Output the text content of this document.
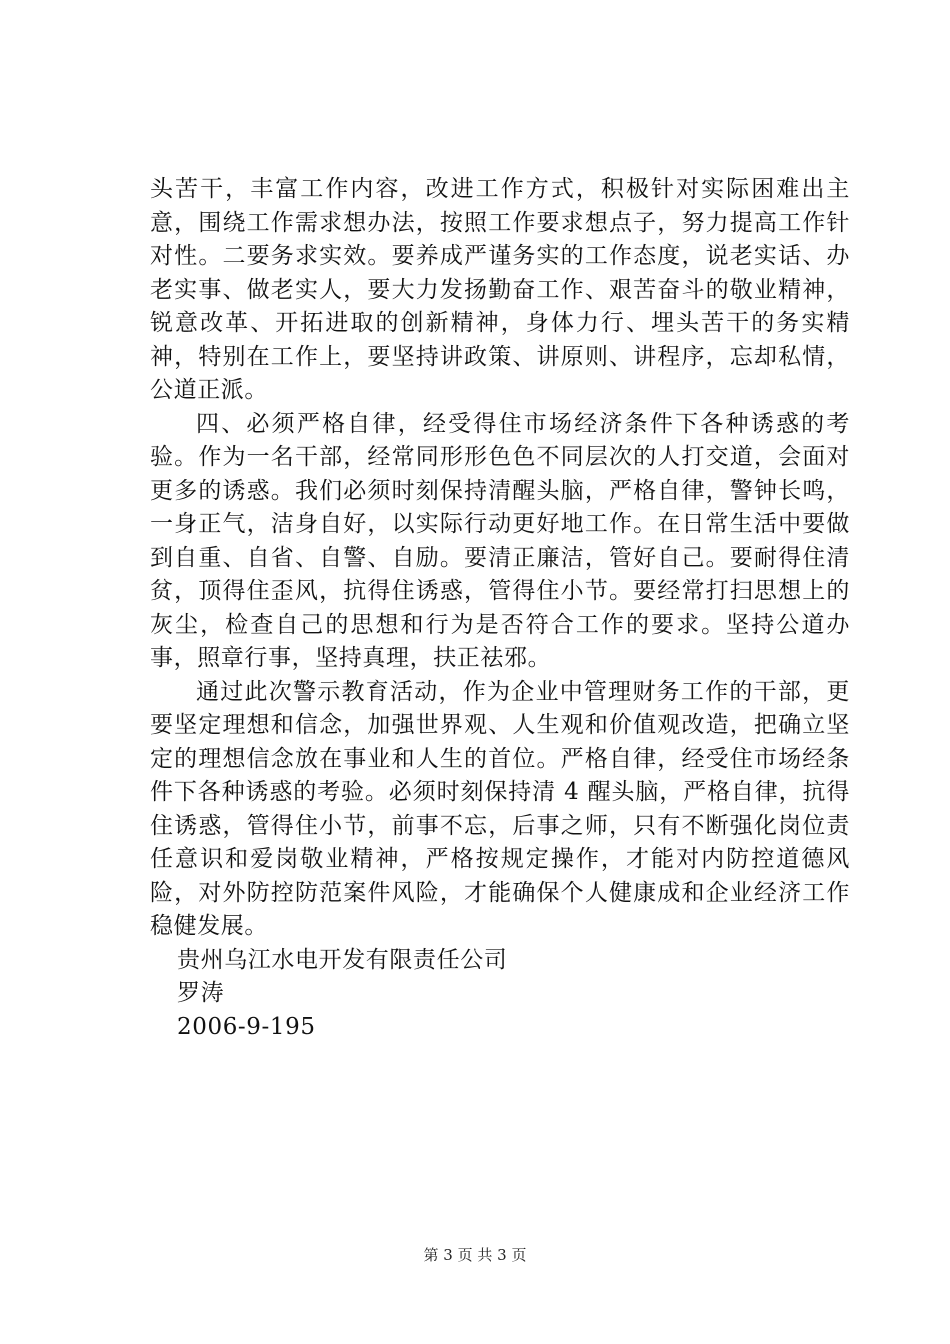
头苦干，丰富工作内容，改进工作方式，积极针对实际困难出主意，围绕工作需求想办法，按照工作要求想点子，努力提高工作针对性。二要务求实效。要养成严谨务实的工作态度，说老实话、办老实事、做老实人，要大力发扬勤奋工作、艰苦奋斗的敬业精神，锐意改革、开拓进取的创新精神，身体力行、埋头苦干的务实精神，特别在工作上，要坚持讲政策、讲原则、讲程序，忘却私情，公道正派。

四、必须严格自律，经受得住市场经济条件下各种诱惑的考验。作为一名干部，经常同形形色色不同层次的人打交道，会面对更多的诱惑。我们必须时刻保持清醒头脑，严格自律，警钟长鸣，一身正气，洁身自好，以实际行动更好地工作。在日常生活中要做到自重、自省、自警、自励。要清正廉洁，管好自己。要耐得住清贫，顶得住歪风，抗得住诱惑，管得住小节。要经常打扫思想上的灰尘，检查自己的思想和行为是否符合工作的要求。坚持公道办事，照章行事，坚持真理，扶正祛邪。

通过此次警示教育活动，作为企业中管理财务工作的干部，更要坚定理想和信念，加强世界观、人生观和价值观改造，把确立坚定的理想信念放在事业和人生的首位。严格自律，经受住市场经条件下各种诱惑的考验。必须时刻保持清 4 醒头脑，严格自律，抗得住诱惑，管得住小节，前事不忘，后事之师，只有不断强化岗位责任意识和爱岗敬业精神，严格按规定操作，才能对内防控道德风险，对外防控防范案件风险，才能确保个人健康成和企业经济工作稳健发展。

贵州乌江水电开发有限责任公司

罗涛

2006-9-195

第 3 页 共 3 页
